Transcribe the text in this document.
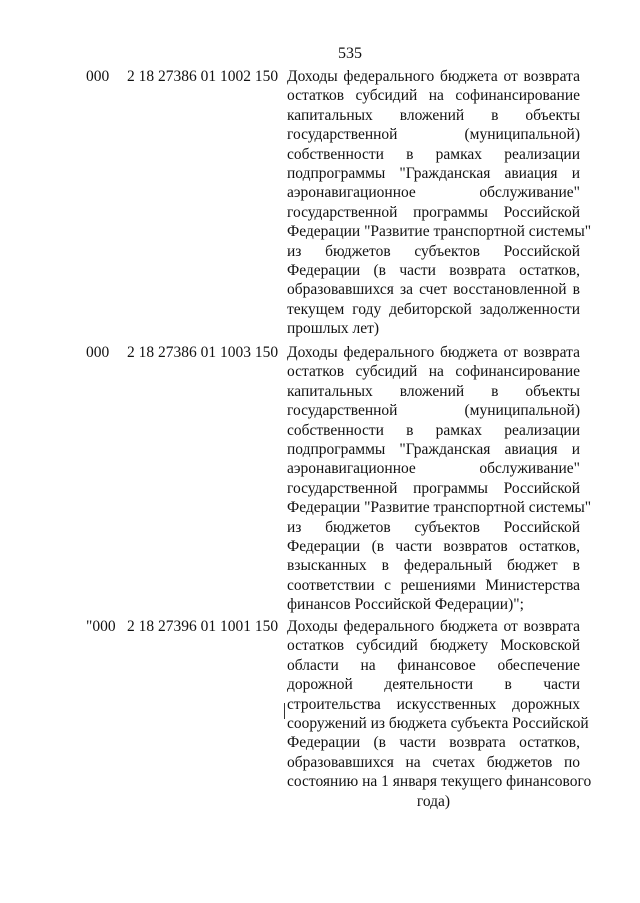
535
000 2 18 27386 01 1002 150 Доходы федерального бюджета от возврата
остатков субсидий на софинансирование
капитальных вложений в объекты
государственной (муниципальной)
собственности в рамках реализации
подпрограммы "Гражданская авиация и
аэронавигационное обслуживание"
государственной программы Российской
Федерации "Развитие транспортной системы"
из бюджетов субъектов Российской
Федерации (в части возврата остатков,
образовавшихся за счет восстановленной в
текущем году дебиторской задолженности
прошлых лет)
000 2 18 27386 01 1003 150 Доходы федерального бюджета от возврата
остатков субсидий на софинансирование
капитальных вложений в объекты
государственной (муниципальной)
собственности в рамках реализации
подпрограммы "Гражданская авиация и
аэронавигационное обслуживание"
государственной программы Российской
Федерации "Развитие транспортной системы"
из бюджетов субъектов Российской
Федерации (в части возвратов остатков,
взысканных в федеральный бюджет в
соответствии с решениями Министерства
финансов Российской Федерации)";
"000 2 18 27396 01 1001 150 Доходы федерального бюджета от возврата
остатков субсидий бюджету Московской
области на финансовое обеспечение
дорожной деятельности в части
строительства искусственных дорожных
сооружений из бюджета субъекта Российской
Федерации (в части возврата остатков,
образовавшихся на счетах бюджетов по
состоянию на 1 января текущего финансового
года)
